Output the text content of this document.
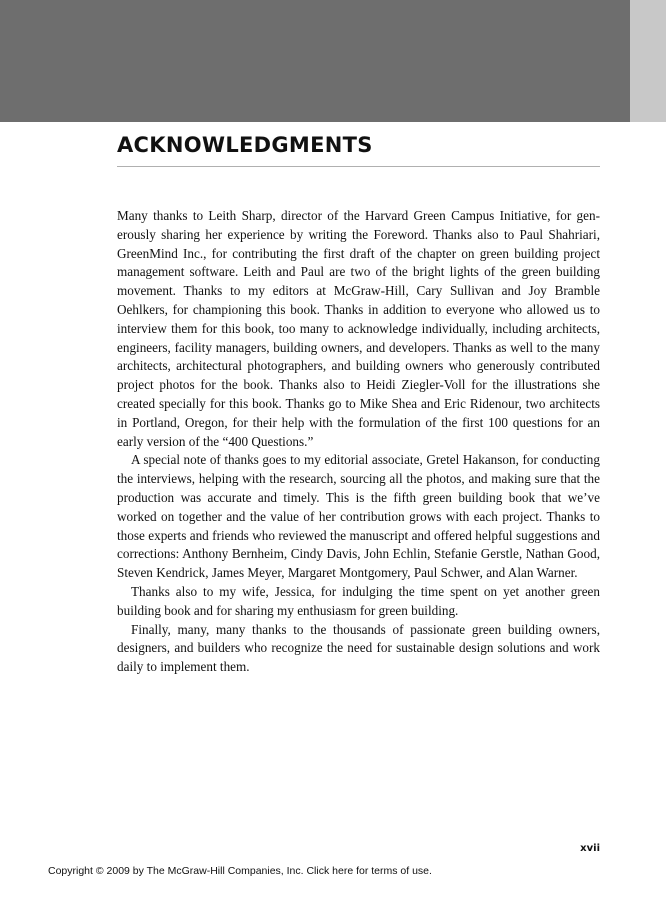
ACKNOWLEDGMENTS

Many thanks to Leith Sharp, director of the Harvard Green Campus Initiative, for generously sharing her experience by writing the Foreword. Thanks also to Paul Shahriari, GreenMind Inc., for contributing the first draft of the chapter on green building project management software. Leith and Paul are two of the bright lights of the green building movement. Thanks to my editors at McGraw-Hill, Cary Sullivan and Joy Bramble Oehlkers, for championing this book. Thanks in addition to everyone who allowed us to interview them for this book, too many to acknowledge individually, including architects, engineers, facility managers, building owners, and developers. Thanks as well to the many architects, architectural photographers, and building owners who generously contributed project photos for the book. Thanks also to Heidi Ziegler-Voll for the illustrations she created specially for this book. Thanks go to Mike Shea and Eric Ridenour, two architects in Portland, Oregon, for their help with the formulation of the first 100 questions for an early version of the “400 Questions.”

A special note of thanks goes to my editorial associate, Gretel Hakanson, for conducting the interviews, helping with the research, sourcing all the photos, and making sure that the production was accurate and timely. This is the fifth green building book that we’ve worked on together and the value of her contribution grows with each project. Thanks to those experts and friends who reviewed the manuscript and offered helpful suggestions and corrections: Anthony Bernheim, Cindy Davis, John Echlin, Stefanie Gerstle, Nathan Good, Steven Kendrick, James Meyer, Margaret Montgomery, Paul Schwer, and Alan Warner.

Thanks also to my wife, Jessica, for indulging the time spent on yet another green building book and for sharing my enthusiasm for green building.

Finally, many, many thanks to the thousands of passionate green building owners, designers, and builders who recognize the need for sustainable design solutions and work daily to implement them.

xvii
Copyright © 2009 by The McGraw-Hill Companies, Inc. Click here for terms of use.
